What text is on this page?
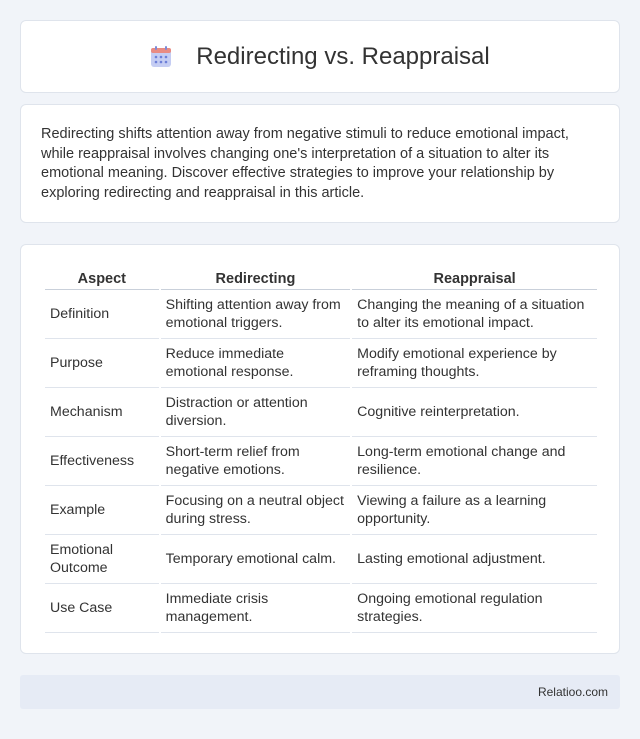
Redirecting vs. Reappraisal

Redirecting shifts attention away from negative stimuli to reduce emotional impact, while reappraisal involves changing one's interpretation of a situation to alter its emotional meaning. Discover effective strategies to improve your relationship by exploring redirecting and reappraisal in this article.

Aspect	Redirecting	Reappraisal
Definition	Shifting attention away from emotional triggers.	Changing the meaning of a situation to alter its emotional impact.
Purpose	Reduce immediate emotional response.	Modify emotional experience by reframing thoughts.
Mechanism	Distraction or attention diversion.	Cognitive reinterpretation.
Effectiveness	Short-term relief from negative emotions.	Long-term emotional change and resilience.
Example	Focusing on a neutral object during stress.	Viewing a failure as a learning opportunity.
Emotional Outcome	Temporary emotional calm.	Lasting emotional adjustment.
Use Case	Immediate crisis management.	Ongoing emotional regulation strategies.
Relatioo.com
